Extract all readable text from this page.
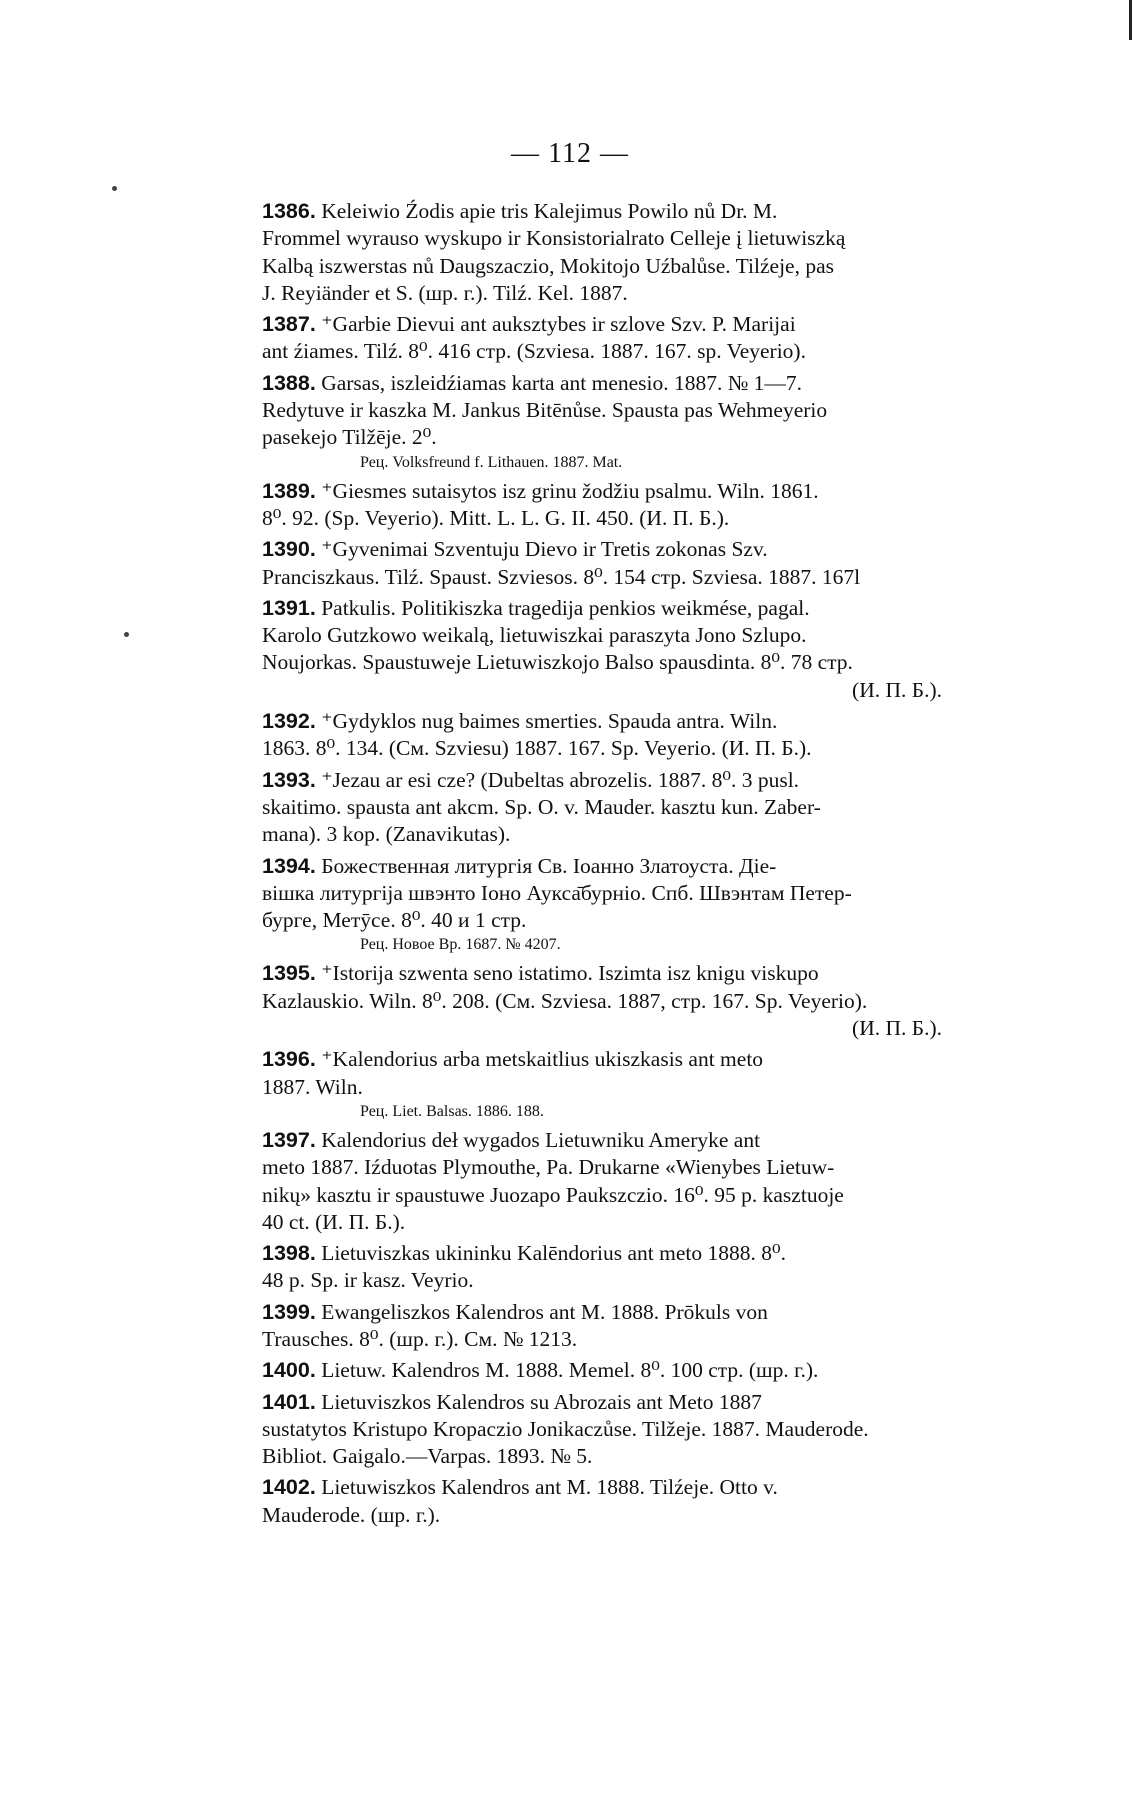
— 112 —
1386. Keleiwio Źodis apie tris Kalejimus Powilo nů Dr. M.
Frommel wyrauso wyskupo ir Konsistorialrato Celleje į lietuwiszką
Kalbą iszwerstas nů Daugszaczio, Mokitojo Uźbalůse. Tilźeje, pas
J. Reyiänder et S. (шр. г.). Tilź. Kel. 1887.
1387. ⁺Garbie Dievui ant auksztybes ir szlove Szv. P. Marijai
ant źiames. Tilź. 8⁰. 416 стр. (Szviesa. 1887. 167. sp. Veyerio).
1388. Garsas, iszleidźiamas karta ant menesio. 1887. № 1—7.
Redytuve ir kaszka M. Jankus Bitēnůse. Spausta pas Wehmeyerio
pasekejo Tilžēje. 2⁰.
Рец. Volksfreund f. Lithauen. 1887. Mat.
1389. ⁺Giesmes sutaisytos isz grinu žodžiu psalmu. Wiln. 1861.
8⁰. 92. (Sp. Veyerio). Mitt. L. L. G. II. 450. (И. П. Б.).
1390. ⁺Gyvenimai Szventuju Dievo ir Tretis zokonas Szv.
Pranciszkaus. Tilź. Spaust. Szviesos. 8⁰. 154 стр. Szviesa. 1887. 167l
1391. Patkulis. Politikiszka tragedija penkios weikmése, pagal.
Karolo Gutzkowo weikalą, lietuwiszkai paraszyta Jono Szlupo.
Noujorkas. Spaustuweje Lietuwiszkojo Balso spausdinta. 8⁰. 78 стр.
(И. П. Б.).
1392. ⁺Gydyklos nug baimes smerties. Spauda antra. Wiln.
1863. 8⁰. 134. (См. Szviesu) 1887. 167. Sp. Veyerio. (И. П. Б.).
1393. ⁺Jezau ar esi cze? (Dubeltas abrozelis. 1887. 8⁰. 3 pusl.
skaitimo. spausta ant akcm. Sp. O. v. Mauder. kasztu kun. Zaber-
mana). 3 kop. (Zanavikutas).
1394. Божественная литургія Св. Іоанно Златоуста. Діе-
вішка литургіја швэнто Іоно Аукса̄бурніо. Спб. Швэнтам Петер-
бурге, Метӯсе. 8⁰. 40 и 1 стр.
Рец. Новое Вр. 1687. № 4207.
1395. ⁺Istorija szwenta seno istatimo. Iszimta isz knigu viskupo
Kazlauskio. Wiln. 8⁰. 208. (См. Szviesa. 1887, стр. 167. Sp. Veyerio).
(И. П. Б.).
1396. ⁺Kalendorius arba metskaitlius ukiszkasis ant meto
1887. Wiln.
Рец. Liet. Balsas. 1886. 188.
1397. Kalendorius deł wygados Lietuwniku Ameryke ant
meto 1887. Iźduotas Plymouthe, Pa. Drukarne «Wienybes Lietuw-
nikų» kasztu ir spaustuwe Juozapo Paukszczio. 16⁰. 95 p. kasztuoje
40 ct. (И. П. Б.).
1398. Lietuviszkas ukininku Kalēndorius ant meto 1888. 8⁰.
48 p. Sp. ir kasz. Veyrio.
1399. Ewangeliszkos Kalendros ant M. 1888. Prōkuls von
Trausches. 8⁰. (шр. г.). См. № 1213.
1400. Lietuw. Kalendros M. 1888. Memel. 8⁰. 100 стр. (шр. г.).
1401. Lietuviszkos Kalendros su Abrozais ant Meto 1887
sustatytos Kristupo Kropaczio Jonikaczůse. Tilžeje. 1887. Mauderode.
Bibliot. Gaigalo.—Varpas. 1893. № 5.
1402. Lietuwiszkos Kalendros ant M. 1888. Tilźeje. Otto v.
Mauderode. (шр. г.).
